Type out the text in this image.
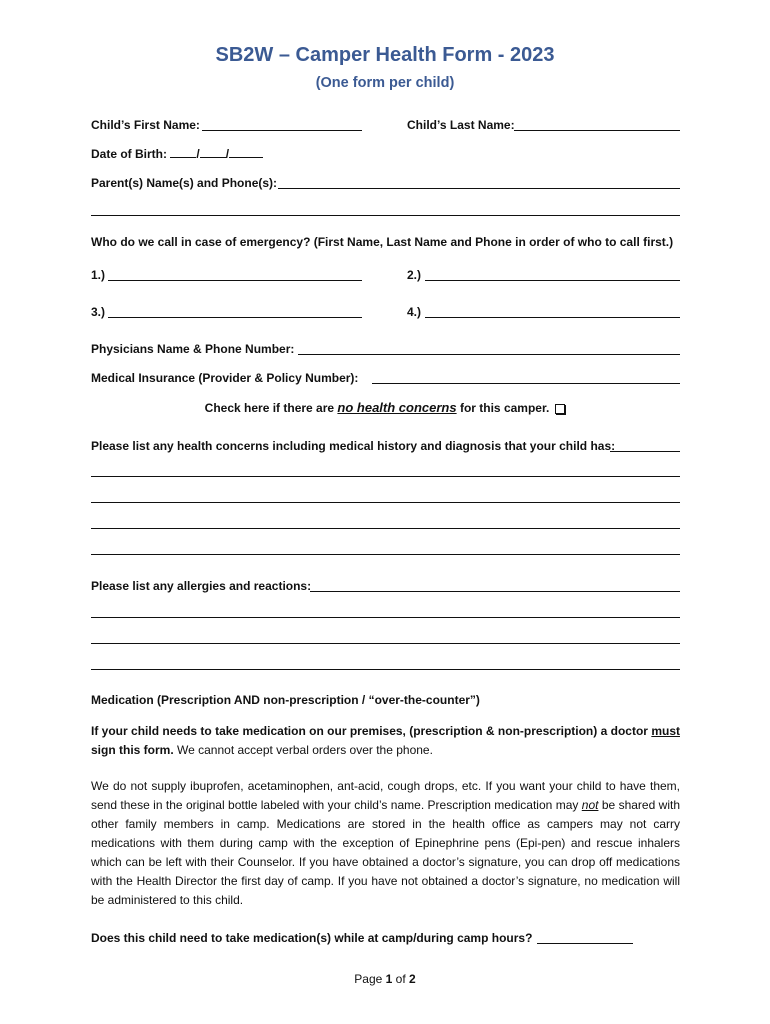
SB2W – Camper Health Form - 2023
(One form per child)
Child’s First Name:	Child’s Last Name:
Date of Birth: / /
Parent(s) Name(s) and Phone(s):
Who do we call in case of emergency? (First Name, Last Name and Phone in order of who to call first.)
1.)	2.)
3.)	4.)
Physicians Name & Phone Number:
Medical Insurance (Provider & Policy Number):
Check here if there are no health concerns for this camper.
Please list any health concerns including medical history and diagnosis that your child has:
Please list any allergies and reactions:
Medication (Prescription AND non-prescription / “over-the-counter”)
If your child needs to take medication on our premises, (prescription & non-prescription) a doctor must sign this form. We cannot accept verbal orders over the phone.
We do not supply ibuprofen, acetaminophen, ant-acid, cough drops, etc. If you want your child to have them, send these in the original bottle labeled with your child’s name. Prescription medication may not be shared with other family members in camp. Medications are stored in the health office as campers may not carry medications with them during camp with the exception of Epinephrine pens (Epi-pen) and rescue inhalers which can be left with their Counselor. If you have obtained a doctor’s signature, you can drop off medications with the Health Director the first day of camp. If you have not obtained a doctor’s signature, no medication will be administered to this child.
Does this child need to take medication(s) while at camp/during camp hours?
Page 1 of 2
